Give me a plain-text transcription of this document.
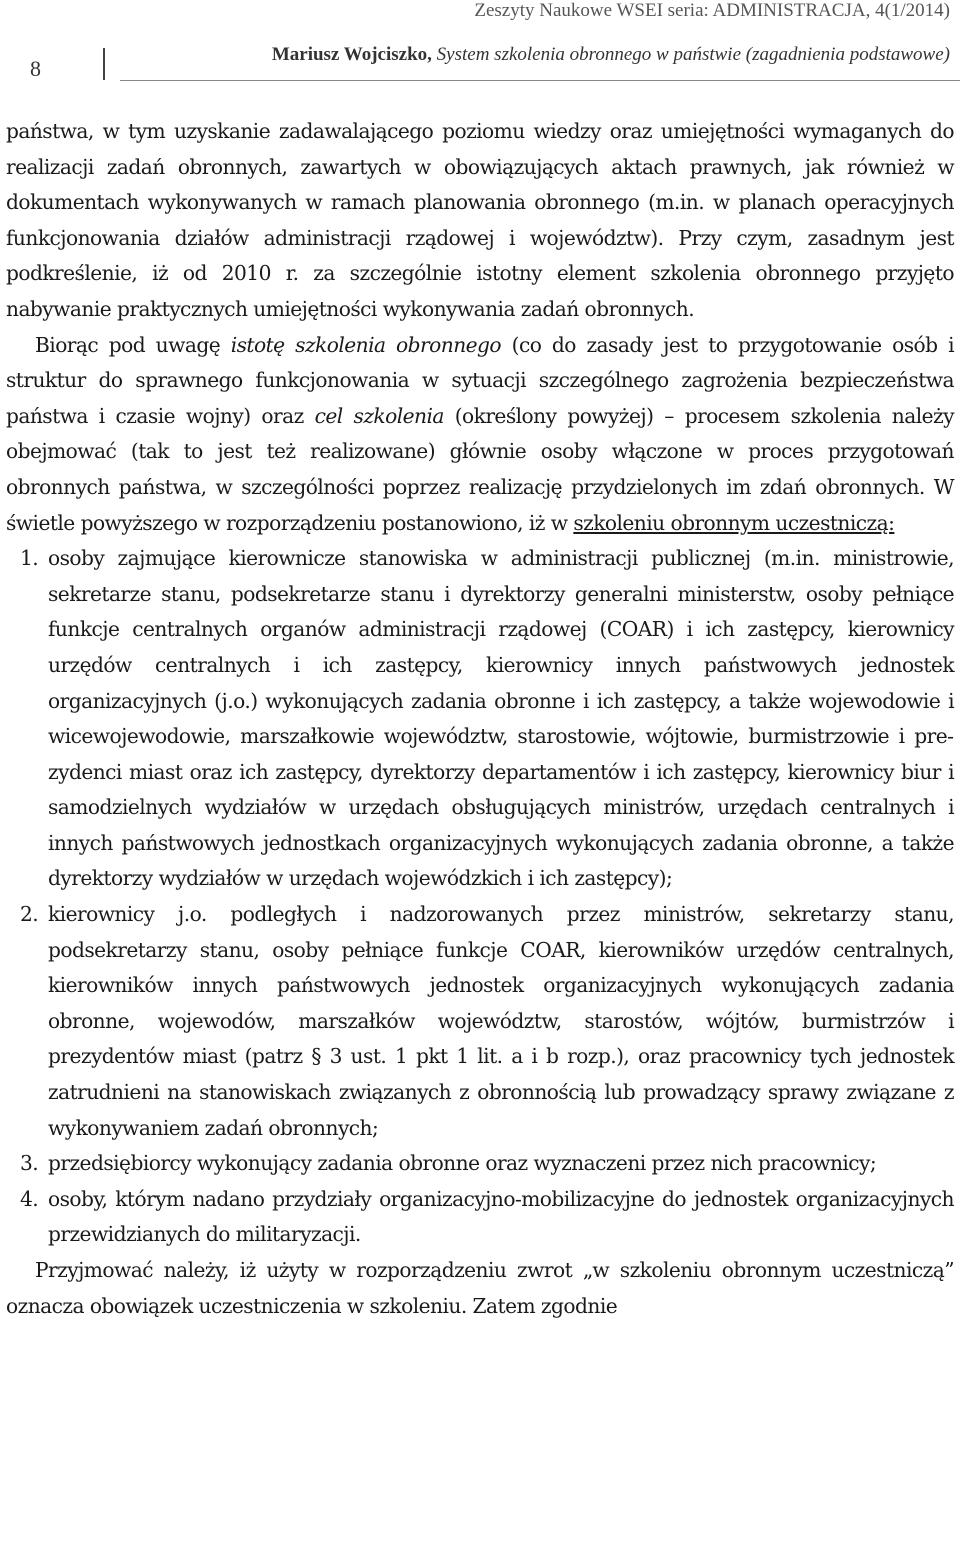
Zeszyty Naukowe WSEI seria: ADMINISTRACJA, 4(1/2014)
8
Mariusz Wojciszko, System szkolenia obronnego w państwie (zagadnienia podstawowe)

państwa, w tym uzyskanie zadawalającego poziomu wiedzy oraz umiejętności wymaganych do realizacji zadań obronnych, zawartych w obowiązujących aktach prawnych, jak również w dokumentach wykonywanych w ramach planowania obronnego (m.in. w planach operacyjnych funkcjonowania działów administracji rządowej i województw). Przy czym, zasadnym jest podkreślenie, iż od 2010 r. za szczególnie istotny element szkolenia obronnego przyjęto nabywanie praktycznych umiejętności wykonywania zadań obronnych.

Biorąc pod uwagę istotę szkolenia obronnego (co do zasady jest to przygotowanie osób i struktur do sprawnego funkcjonowania w sytuacji szczególnego zagrożenia bezpieczeństwa państwa i czasie wojny) oraz cel szkolenia (określony powyżej) – procesem szkolenia należy obejmować (tak to jest też realizowane) głównie osoby włączone w proces przygotowań obronnych państwa, w szczególności poprzez realizację przydzielonych im zdań obronnych. W świetle powyższego w rozporządzeniu postanowiono, iż w szkoleniu obronnym uczestniczą:

1. osoby zajmujące kierownicze stanowiska w administracji publicznej (m.in. ministrowie, sekretarze stanu, podsekretarze stanu i dyrektorzy generalni ministerstw, osoby pełniące funkcje centralnych organów administracji rządowej (COAR) i ich zastępcy, kierownicy urzędów centralnych i ich zastępcy, kierownicy innych państwowych jednostek organizacyjnych (j.o.) wykonujących zadania obronne i ich zastępcy, a także wojewodowie i wicewojewodowie, marszałkowie województw, starostowie, wójtowie, burmistrzowie i prezydenci miast oraz ich zastępcy, dyrektorzy departamentów i ich zastępcy, kierownicy biur i samodzielnych wydziałów w urzędach obsługujących ministrów, urzędach centralnych i innych państwowych jednostkach organizacyjnych wykonujących zadania obronne, a także dyrektorzy wydziałów w urzędach wojewódzkich i ich zastępcy);
2. kierownicy j.o. podległych i nadzorowanych przez ministrów, sekretarzy stanu, podsekretarzy stanu, osoby pełniące funkcje COAR, kierowników urzędów centralnych, kierowników innych państwowych jednostek organizacyjnych wykonujących zadania obronne, wojewodów, marszałków województw, starostów, wójtów, burmistrzów i prezydentów miast (patrz § 3 ust. 1 pkt 1 lit. a i b rozp.), oraz pracownicy tych jednostek zatrudnieni na stanowiskach związanych z obronnością lub prowadzący sprawy związane z wykonywaniem zadań obronnych;
3. przedsiębiorcy wykonujący zadania obronne oraz wyznaczeni przez nich pracownicy;
4. osoby, którym nadano przydziały organizacyjno-mobilizacyjne do jednostek organizacyjnych przewidzianych do militaryzacji.

Przyjmować należy, iż użyty w rozporządzeniu zwrot „w szkoleniu obronnym uczestniczą” oznacza obowiązek uczestniczenia w szkoleniu. Zatem zgodnie
